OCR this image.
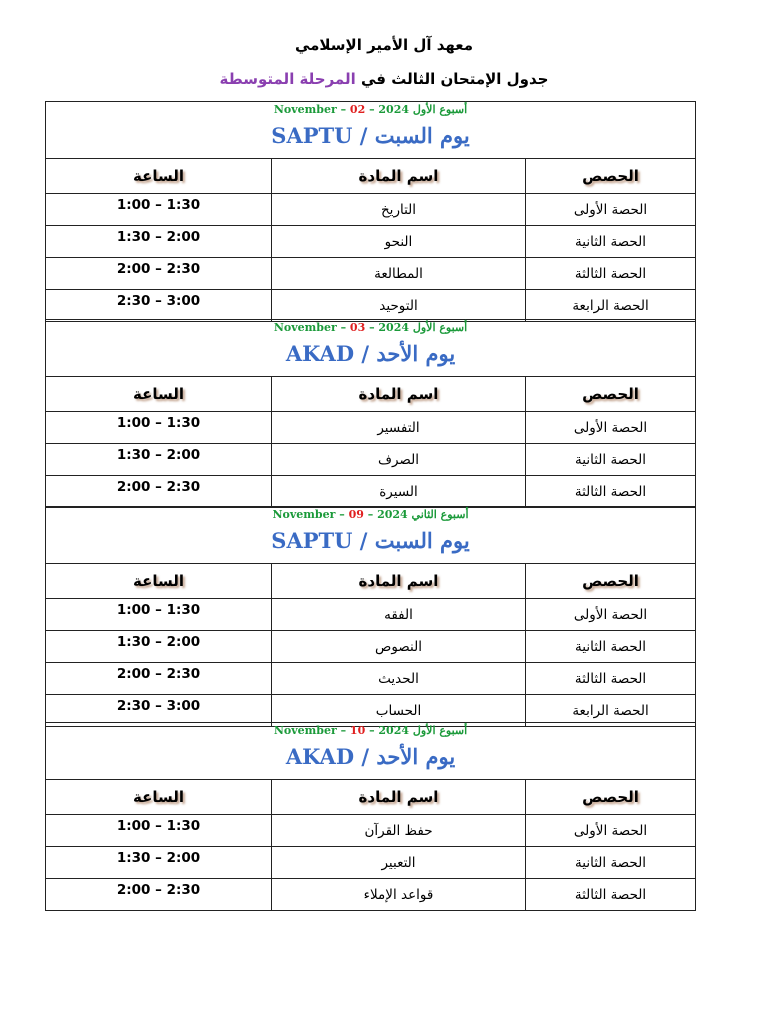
معهد آل الأمير الإسلامي
جدول الإمتحان الثالث في المرحلة المتوسطة
November – 02 – 2024 أسبوع الأول
SAPTU / يوم السبت		

الساعة	اسم المادة	الحصص
1:00 – 1:30	التاريخ	الحصة الأولى
1:30 – 2:00	النحو	الحصة الثانية
2:00 – 2:30	المطالعة	الحصة الثالثة
2:30 – 3:00	التوحيد	الحصة الرابعة
November – 03 – 2024 أسبوع الأول
AKAD / يوم الأحد		

الساعة	اسم المادة	الحصص
1:00 – 1:30	التفسير	الحصة الأولى
1:30 – 2:00	الصرف	الحصة الثانية
2:00 – 2:30	السيرة	الحصة الثالثة
November – 09 – 2024 أسبوع الثاني
SAPTU / يوم السبت		

الساعة	اسم المادة	الحصص
1:00 – 1:30	الفقه	الحصة الأولى
1:30 – 2:00	النصوص	الحصة الثانية
2:00 – 2:30	الحديث	الحصة الثالثة
2:30 – 3:00	الحساب	الحصة الرابعة
November – 10 – 2024 أسبوع الأول
AKAD / يوم الأحد		

الساعة	اسم المادة	الحصص
1:00 – 1:30	حفظ القرآن	الحصة الأولى
1:30 – 2:00	التعبير	الحصة الثانية
2:00 – 2:30	قواعد الإملاء	الحصة الثالثة
